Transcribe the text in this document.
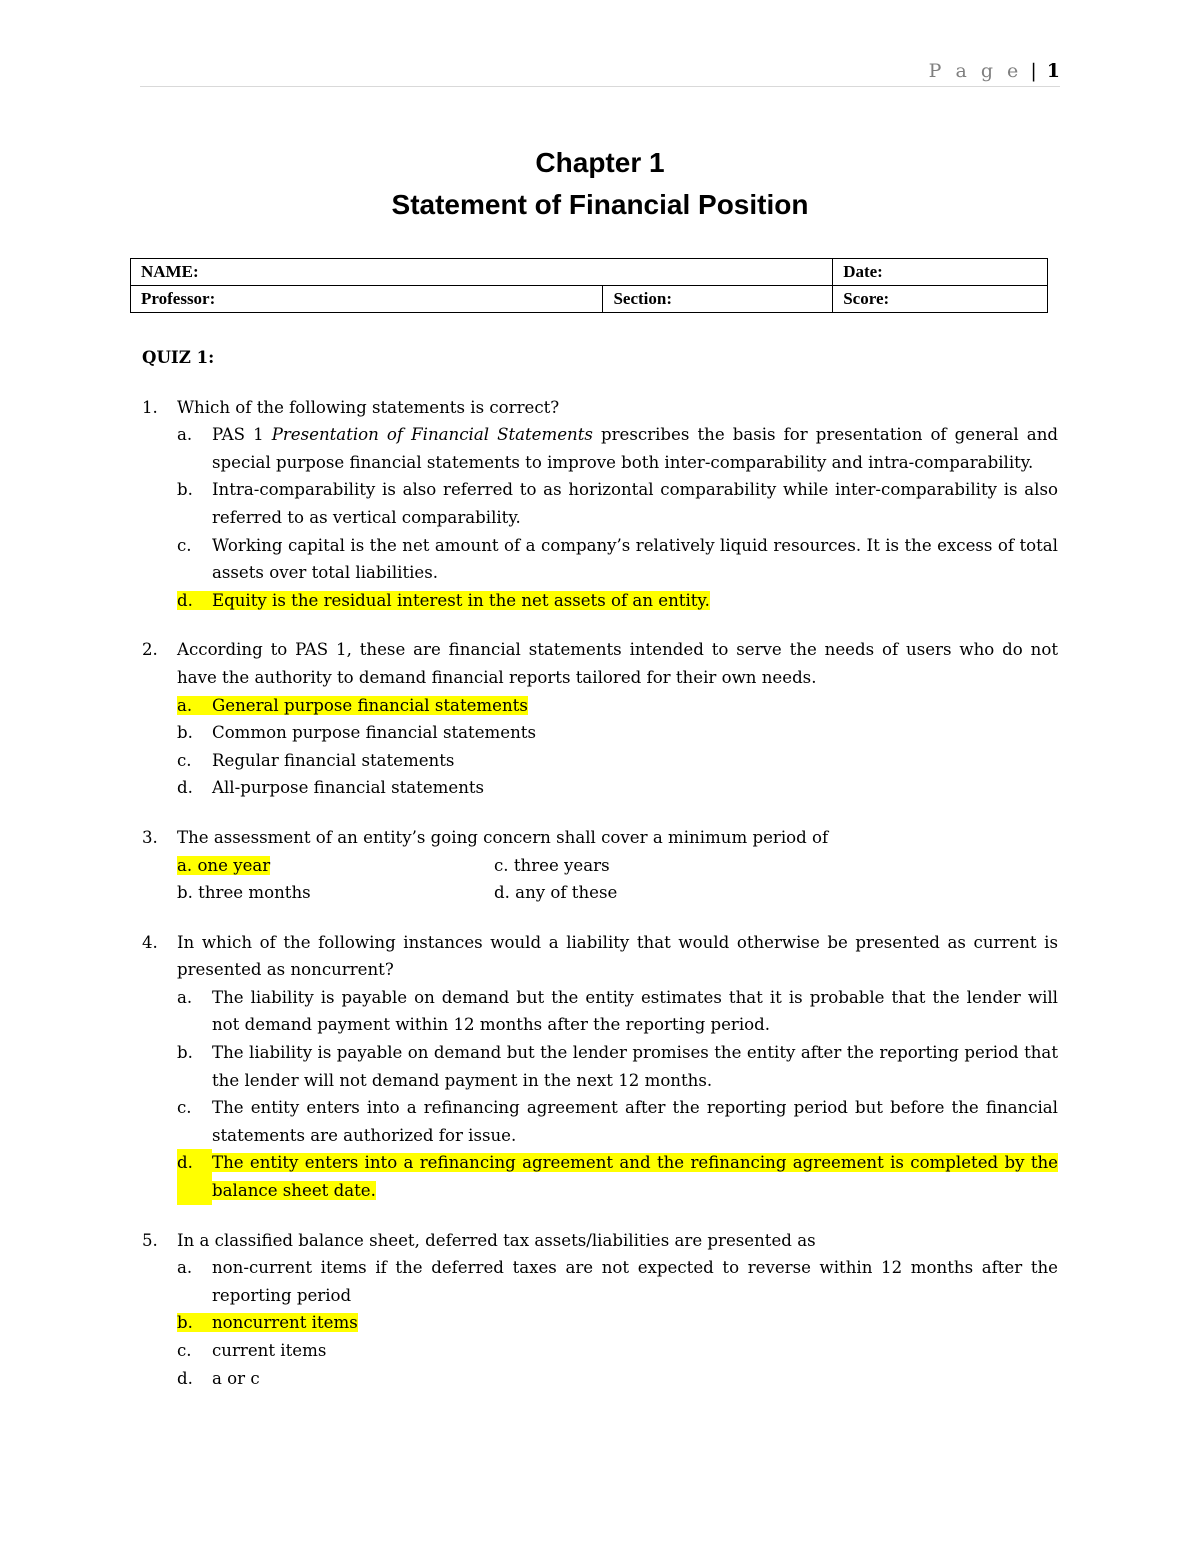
P a g e | 1
Chapter 1
Statement of Financial Position
NAME:		Date:
Professor:	Section:	Score:
QUIZ 1:
1.	Which of the following statements is correct?
a.	PAS 1 Presentation of Financial Statements prescribes the basis for presentation of general and special purpose financial statements to improve both inter-comparability and intra-comparability.
b.	Intra-comparability is also referred to as horizontal comparability while inter-comparability is also referred to as vertical comparability.
c.	Working capital is the net amount of a company’s relatively liquid resources. It is the excess of total assets over total liabilities.
d. Equity is the residual interest in the net assets of an entity.
2.	According to PAS 1, these are financial statements intended to serve the needs of users who do not have the authority to demand financial reports tailored for their own needs.
a. General purpose financial statements
b.	Common purpose financial statements
c.	Regular financial statements
d.	All-purpose financial statements
3.	The assessment of an entity’s going concern shall cover a minimum period of
a. one year	c. three years
b. three months	d. any of these
4.	In which of the following instances would a liability that would otherwise be presented as current is presented as noncurrent?
a.	The liability is payable on demand but the entity estimates that it is probable that the lender will not demand payment within 12 months after the reporting period.
b.	The liability is payable on demand but the lender promises the entity after the reporting period that the lender will not demand payment in the next 12 months.
c.	The entity enters into a refinancing agreement after the reporting period but before the financial statements are authorized for issue.
d.	The entity enters into a refinancing agreement and the refinancing agreement is completed by the balance sheet date.
5.	In a classified balance sheet, deferred tax assets/liabilities are presented as
a.	non-current items if the deferred taxes are not expected to reverse within 12 months after the reporting period
b. noncurrent items
c.	current items
d.	a or c
